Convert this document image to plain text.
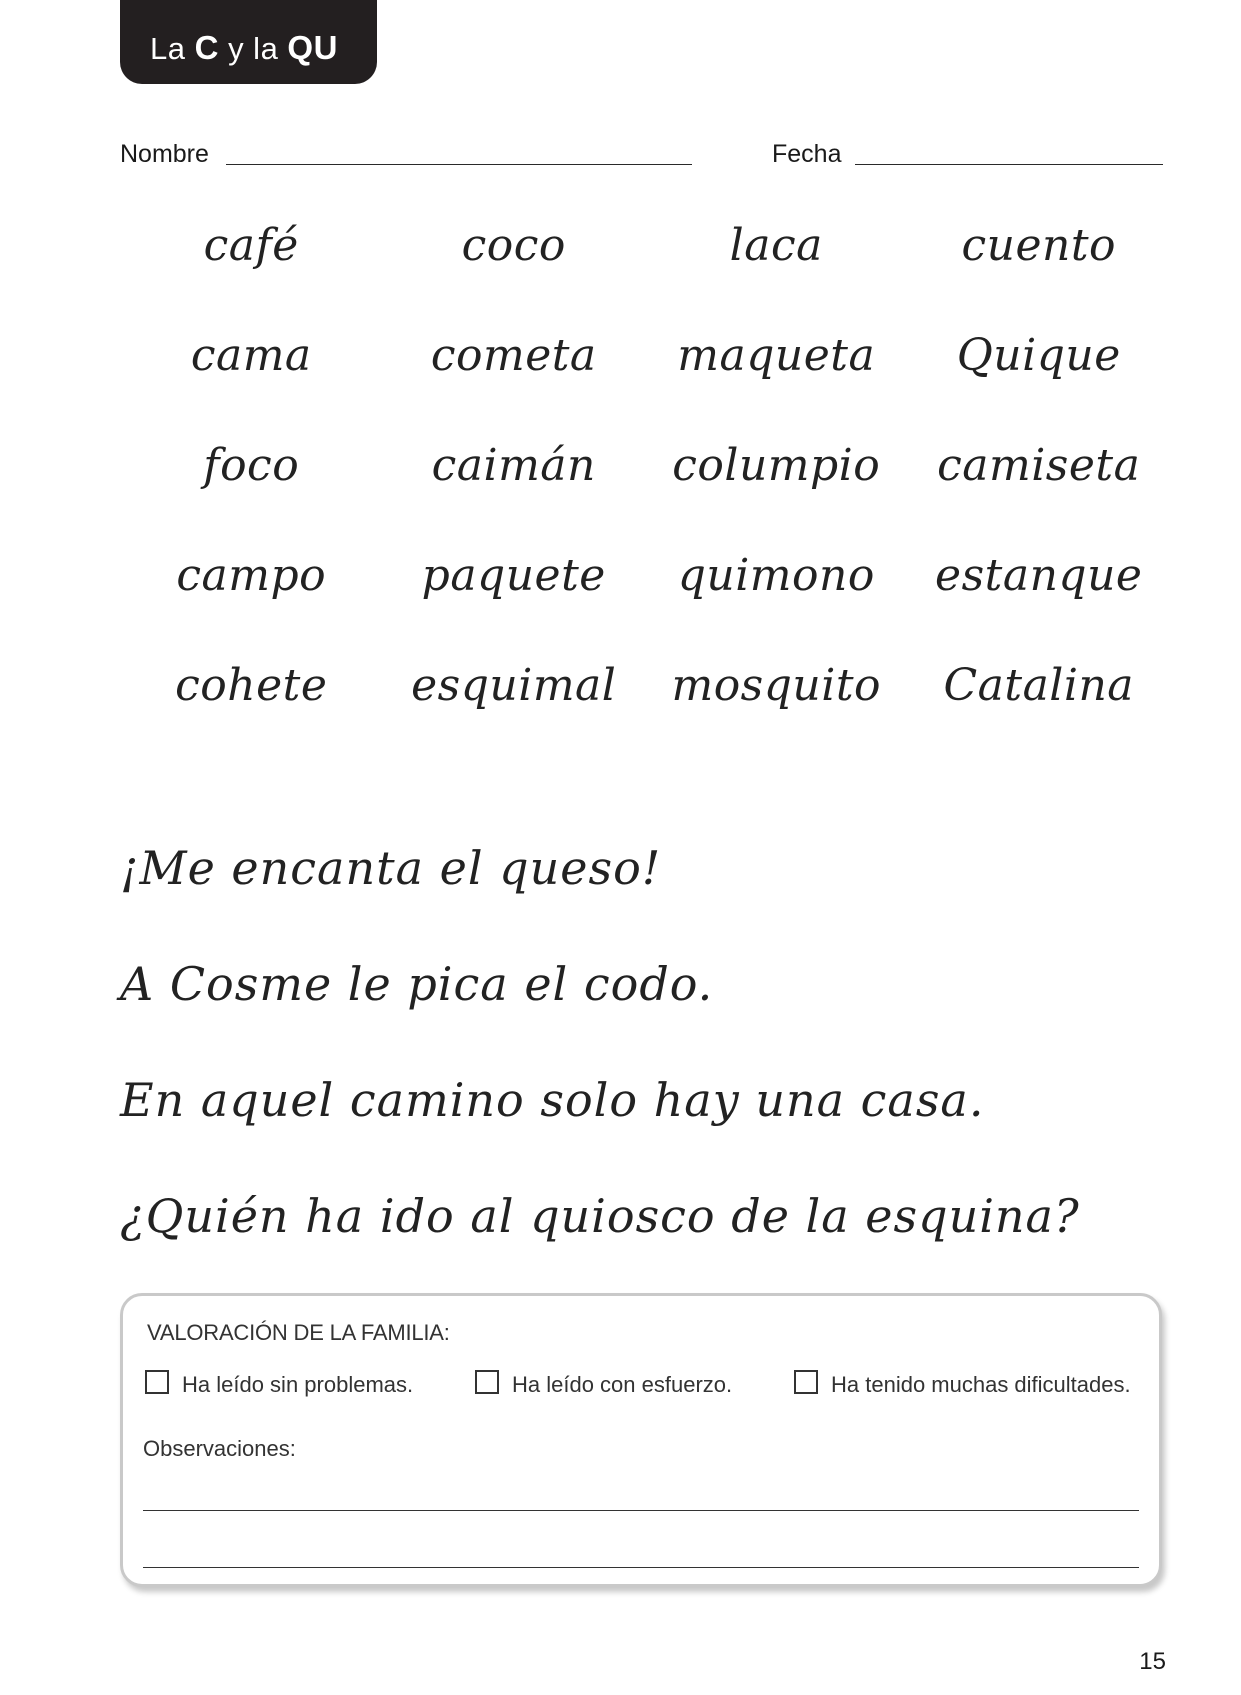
La C y la QU
Nombre	Fecha
café	coco	laca	cuento
cama	cometa	maqueta	Quique
foco	caimán	columpio	camiseta
campo	paquete	quimono	estanque
cohete	esquimal	mosquito	Catalina
¡Me encanta el queso!
A Cosme le pica el codo.
En aquel camino solo hay una casa.
¿Quién ha ido al quiosco de la esquina?
VALORACIÓN DE LA FAMILIA:
Ha leído sin problemas.	Ha leído con esfuerzo.	Ha tenido muchas dificultades.
Observaciones:
15
